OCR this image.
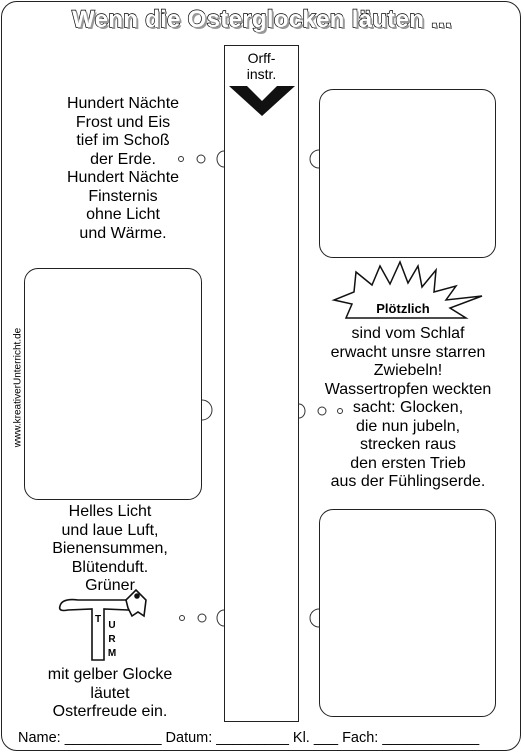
Wenn die Osterglocken läuten ...
www.kreativerUnterricht.de
Orff-
instr.
Plötzlich
T
U
R
M
Hundert Nächte
Frost und Eis
tief im Schoß
der Erde.
Hundert Nächte
Finsternis
ohne Licht
und Wärme.
sind vom Schlaf
erwacht unsre starren
Zwiebeln!
Wassertropfen weckten
sacht: Glocken,
die nun jubeln,
strecken raus
den ersten Trieb
aus der Fühlingserde.
Helles Licht
und laue Luft,
Bienensummen,
Blütenduft.
Grüner
mit gelber Glocke
läutet
Osterfreude ein.
Name: ____________ Datum: _________ Kl. ___ Fach: ____________
